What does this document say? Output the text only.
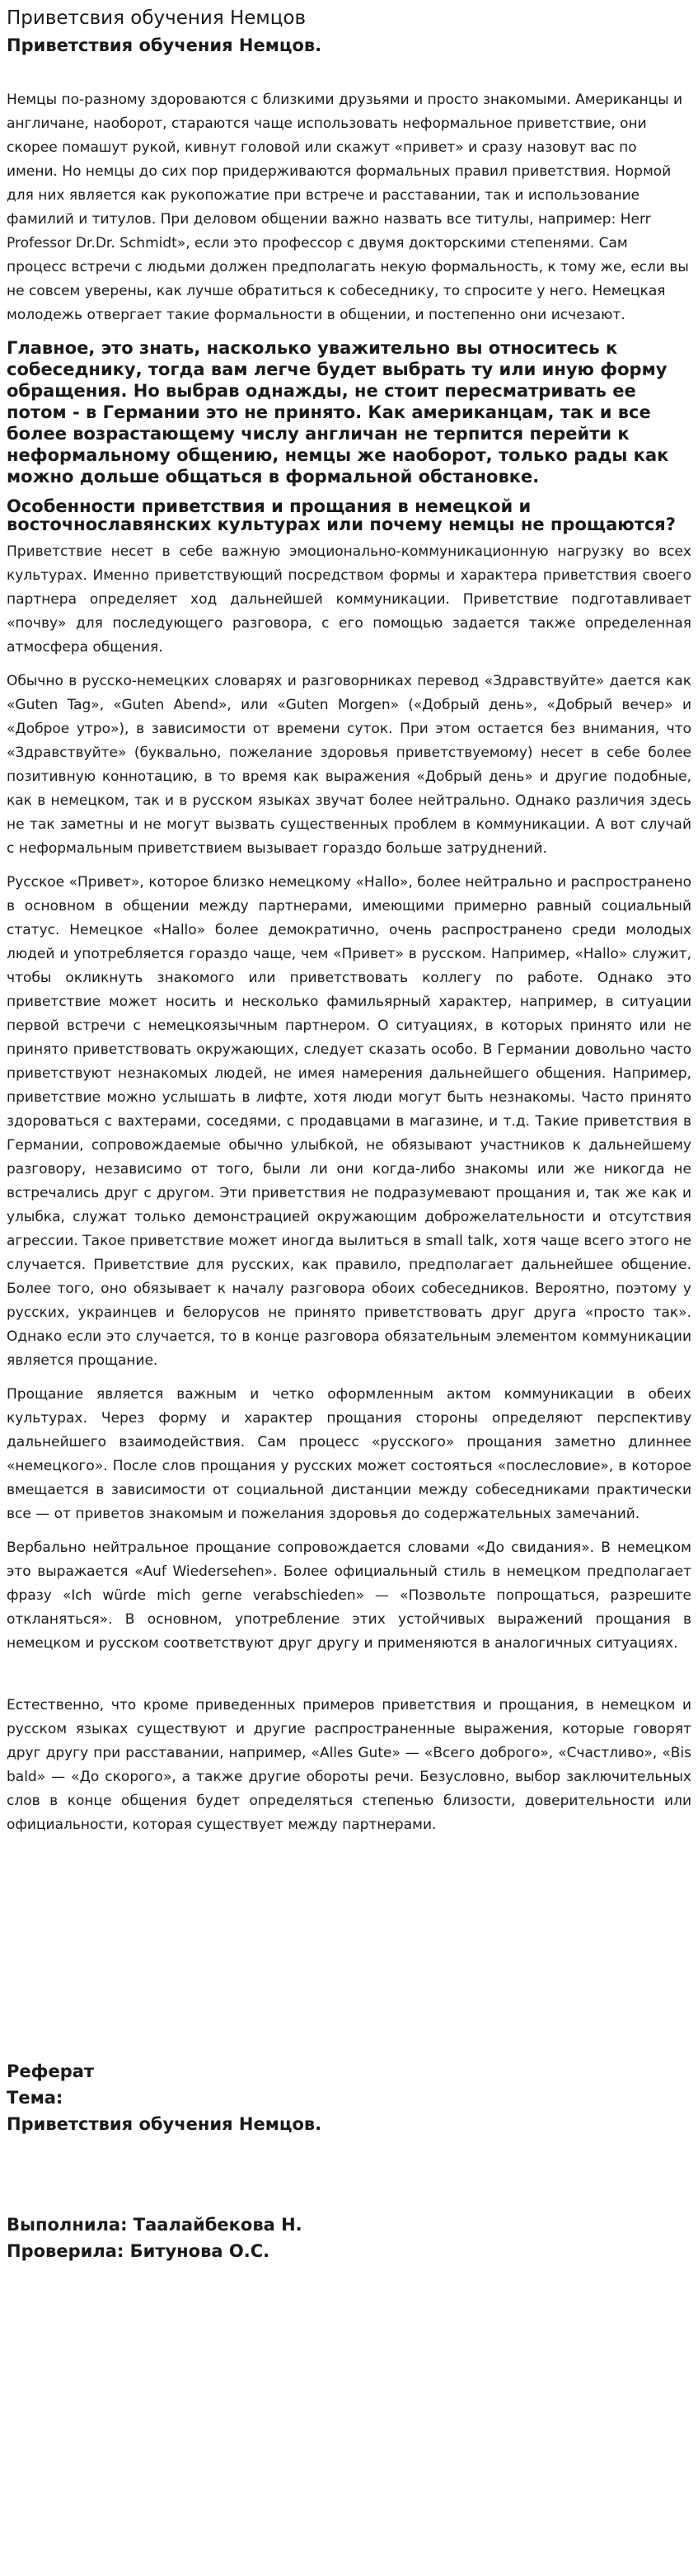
Приветсвия обучения Немцов
Приветствия обучения Немцов.

Немцы по-разному здороваются с близкими друзьями и просто знакомыми. Американцы и англичане, наоборот, стараются чаще использовать неформальное приветствие, они скорее помашут рукой, кивнут головой или скажут «привет» и сразу назовут вас по имени. Но немцы до сих пор придерживаются формальных правил приветствия. Нормой для них является как рукопожатие при встрече и расставании, так и использование фамилий и титулов. При деловом общении важно назвать все титулы, например: Herr Professor Dr.Dr. Schmidt», если это профессор с двумя докторскими степенями. Сам процесс встречи с людьми должен предполагать некую формальность, к тому же, если вы не совсем уверены, как лучше обратиться к собеседнику, то спросите у него. Немецкая молодежь отвергает такие формальности в общении, и постепенно они исчезают.

Главное, это знать, насколько уважительно вы относитесь к собеседнику, тогда вам легче будет выбрать ту или иную форму обращения. Но выбрав однажды, не стоит пересматривать ее потом - в Германии это не принято. Как американцам, так и все более возрастающему числу англичан не терпится перейти к неформальному общению, немцы же наоборот, только рады как можно дольше общаться в формальной обстановке.

Особенности приветствия и прощания в немецкой и восточнославянских культурах или почему немцы не прощаются?

Приветствие несет в себе важную эмоционально-коммуникационную нагрузку во всех культурах. Именно приветствующий посредством формы и характера приветствия своего партнера определяет ход дальнейшей коммуникации. Приветствие подготавливает «почву» для последующего разговора, с его помощью задается также определенная атмосфера общения.

Обычно в русско-немецких словарях и разговорниках перевод «Здравствуйте» дается как «Guten Tag», «Guten Abend», или «Guten Morgen» («Добрый день», «Добрый вечер» и «Доброе утро»), в зависимости от времени суток. При этом остается без внимания, что «Здравствуйте» (буквально, пожелание здоровья приветствуемому) несет в себе более позитивную коннотацию, в то время как выражения «Добрый день» и другие подобные, как в немецком, так и в русском языках звучат более нейтрально. Однако различия здесь не так заметны и не могут вызвать существенных проблем в коммуникации. А вот случай с неформальным приветствием вызывает гораздо больше затруднений.

Русское «Привет», которое близко немецкому «Hallo», более нейтрально и распространено в основном в общении между партнерами, имеющими примерно равный социальный статус. Немецкое «Hallo» более демократично, очень распространено среди молодых людей и употребляется гораздо чаще, чем «Привет» в русском. Например, «Hallo» служит, чтобы окликнуть знакомого или приветствовать коллегу по работе. Однако это приветствие может носить и несколько фамильярный характер, например, в ситуации первой встречи с немецкоязычным партнером. О ситуациях, в которых принято или не принято приветствовать окружающих, следует сказать особо. В Германии довольно часто приветствуют незнакомых людей, не имея намерения дальнейшего общения. Например, приветствие можно услышать в лифте, хотя люди могут быть незнакомы. Часто принято здороваться с вахтерами, соседями, с продавцами в магазине, и т.д. Такие приветствия в Германии, сопровождаемые обычно улыбкой, не обязывают участников к дальнейшему разговору, независимо от того, были ли они когда-либо знакомы или же никогда не встречались друг с другом. Эти приветствия не подразумевают прощания и, так же как и улыбка, служат только демонстрацией окружающим доброжелательности и отсутствия агрессии. Такое приветствие может иногда вылиться в small talk, хотя чаще всего этого не случается. Приветствие для русских, как правило, предполагает дальнейшее общение. Более того, оно обязывает к началу разговора обоих собеседников. Вероятно, поэтому у русских, украинцев и белорусов не принято приветствовать друг друга «просто так». Однако если это случается, то в конце разговора обязательным элементом коммуникации является прощание.

Прощание является важным и четко оформленным актом коммуникации в обеих культурах. Через форму и характер прощания стороны определяют перспективу дальнейшего взаимодействия. Сам процесс «русского» прощания заметно длиннее «немецкого». После слов прощания у русских может состояться «послесловие», в которое вмещается в зависимости от социальной дистанции между собеседниками практически все — от приветов знакомым и пожелания здоровья до содержательных замечаний.

Вербально нейтральное прощание сопровождается словами «До свидания». В немецком это выражается «Auf Wiedersehen». Более официальный стиль в немецком предполагает фразу «Ich würde mich gerne verabschieden» — «Позвольте попрощаться, разрешите откланяться». В основном, употребление этих устойчивых выражений прощания в немецком и русском соответствуют друг другу и применяются в аналогичных ситуациях.

Естественно, что кроме приведенных примеров приветствия и прощания, в немецком и русском языках существуют и другие распространенные выражения, которые говорят друг другу при расставании, например, «Alles Gute» — «Всего доброго», «Счастливо», «Bis bald» — «До скорого», а также другие обороты речи. Безусловно, выбор заключительных слов в конце общения будет определяться степенью близости, доверительности или официальности, которая существует между партнерами.

Реферат
Тема:
Приветствия обучения Немцов.
Выполнила: Таалайбекова Н.
Проверила: Битунова О.С.
